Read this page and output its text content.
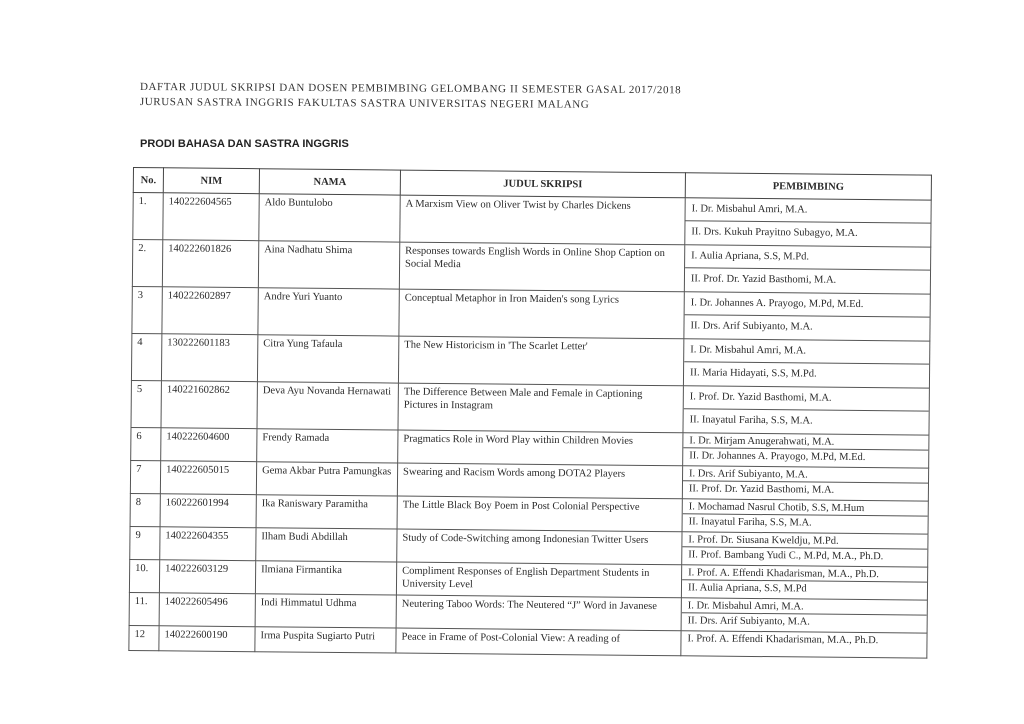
DAFTAR JUDUL SKRIPSI DAN DOSEN PEMBIMBING GELOMBANG II SEMESTER GASAL 2017/2018
JURUSAN SASTRA INGGRIS FAKULTAS SASTRA UNIVERSITAS NEGERI MALANG
PRODI BAHASA DAN SASTRA INGGRIS
No.	NIM	NAMA	JUDUL SKRIPSI	PEMBIMBING
1.	140222604565	Aldo Buntulobo	A Marxism View on Oliver Twist by Charles Dickens	I. Dr. Misbahul Amri, M.A.
II. Drs. Kukuh Prayitno Subagyo, M.A.

2.	140222601826	Aina Nadhatu Shima	Responses towards English Words in Online Shop Caption on Social Media	I. Aulia Apriana, S.S, M.Pd.
II. Prof. Dr. Yazid Basthomi, M.A.

3	140222602897	Andre Yuri Yuanto	Conceptual Metaphor in Iron Maiden's song Lyrics	I. Dr. Johannes A. Prayogo, M.Pd, M.Ed.
II. Drs. Arif Subiyanto, M.A.

4	130222601183	Citra Yung Tafaula	The New Historicism in 'The Scarlet Letter'	I. Dr. Misbahul Amri, M.A.
II. Maria Hidayati, S.S, M.Pd.

5	140221602862	Deva Ayu Novanda Hernawati	The Difference Between Male and Female in Captioning Pictures in Instagram	I. Prof. Dr. Yazid Basthomi, M.A.
II. Inayatul Fariha, S.S, M.A.

6	140222604600	Frendy Ramada	Pragmatics Role in Word Play within Children Movies	I. Dr. Mirjam Anugerahwati, M.A.
II. Dr. Johannes A. Prayogo, M.Pd, M.Ed.

7	140222605015	Gema Akbar Putra Pamungkas	Swearing and Racism Words among DOTA2 Players	I. Drs. Arif Subiyanto, M.A.
II. Prof. Dr. Yazid Basthomi, M.A.

8	160222601994	Ika Raniswary Paramitha	The Little Black Boy Poem in Post Colonial Perspective	I. Mochamad Nasrul Chotib, S.S, M.Hum
II. Inayatul Fariha, S.S, M.A.

9	140222604355	Ilham Budi Abdillah	Study of Code-Switching among Indonesian Twitter Users	I. Prof. Dr. Siusana Kweldju, M.Pd.
II. Prof. Bambang Yudi C., M.Pd, M.A., Ph.D.

10.	140222603129	Ilmiana Firmantika	Compliment Responses of English Department Students in University Level	I. Prof. A. Effendi Khadarisman, M.A., Ph.D.
II. Aulia Apriana, S.S, M.Pd

11.	140222605496	Indi Himmatul Udhma	Neutering Taboo Words: The Neutered “J” Word in Javanese	I. Dr. Misbahul Amri, M.A.
II. Drs. Arif Subiyanto, M.A.

12	140222600190	Irma Puspita Sugiarto Putri	Peace in Frame of Post-Colonial View: A reading of	I. Prof. A. Effendi Khadarisman, M.A., Ph.D.
